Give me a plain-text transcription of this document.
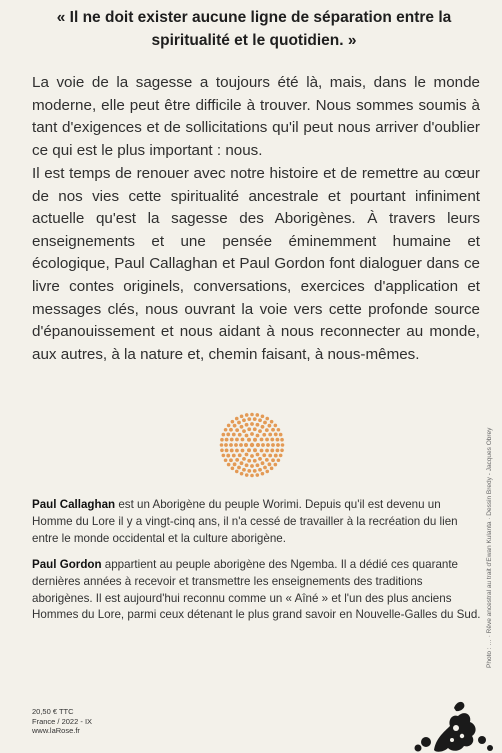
« Il ne doit exister aucune ligne de séparation entre la spiritualité et le quotidien. »
La voie de la sagesse a toujours été là, mais, dans le monde moderne, elle peut être difficile à trouver. Nous sommes soumis à tant d'exigences et de sollicitations qu'il peut nous arriver d'oublier ce qui est le plus important : nous.
Il est temps de renouer avec notre histoire et de remettre au cœur de nos vies cette spiritualité ancestrale et pourtant infiniment actuelle qu'est la sagesse des Aborigènes. À travers leurs enseignements et une pensée éminemment humaine et écologique, Paul Callaghan et Paul Gordon font dialoguer dans ce livre contes originels, conversations, exercices d'application et messages clés, nous ouvrant la voie vers cette profonde source d'épanouissement et nous aidant à nous reconnecter au monde, aux autres, à la nature et, chemin faisant, à nous-mêmes.
Paul Callaghan est un Aborigène du peuple Worimi. Depuis qu'il est devenu un Homme du Lore il y a vingt-cinq ans, il n'a cessé de travailler à la recréation du lien entre le monde occidental et la culture aborigène.
Paul Gordon appartient au peuple aborigène des Ngemba. Il a dédié ces quarante dernières années à recevoir et transmettre les enseignements des traditions aborigènes. Il est aujourd'hui reconnu comme un « Aîné » et l'un des plus anciens Hommes du Lore, parmi ceux détenant le plus grand savoir en Nouvelle-Galles du Sud. Photo : … · Rêve ancestral au trait d'Ewan Kulanta · Dessin Bredy - Jacques Obrey
20,50 € TTC
France / 2022 - IX
www.laRose.fr
